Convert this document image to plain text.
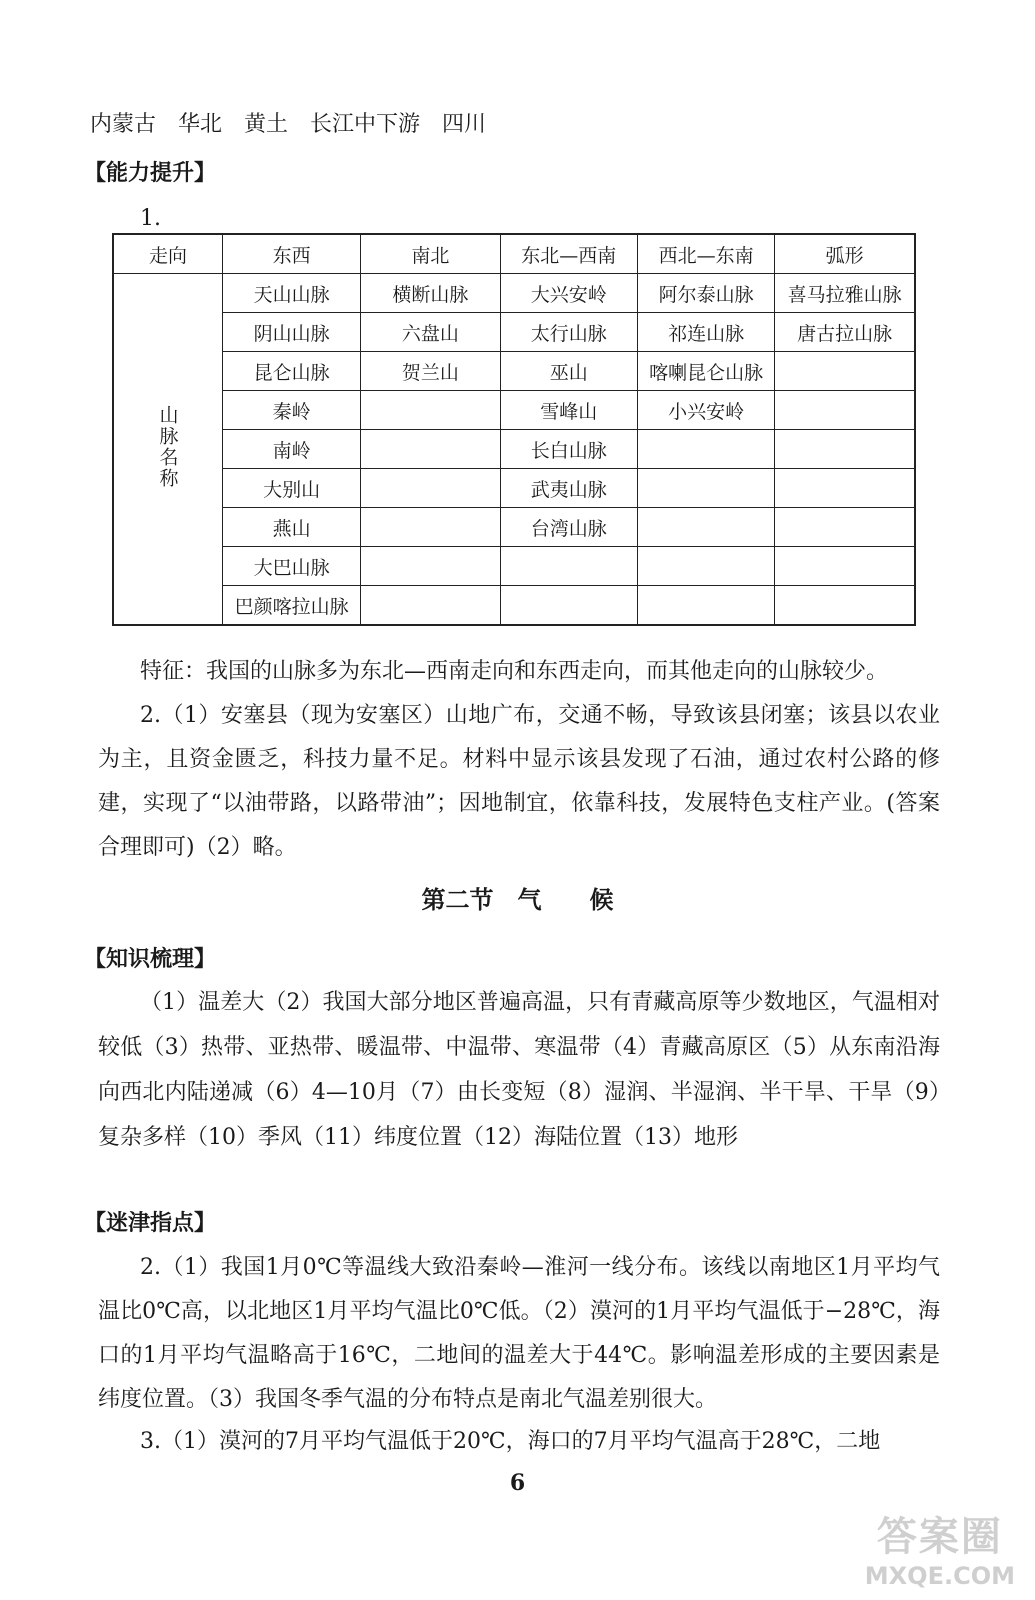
内蒙古　华北　黄土　长江中下游　四川
【能力提升】
1.
走向	东西	南北	东北—西南	西北—东南	弧形
山脉名称	天山山脉	横断山脉	大兴安岭	阿尔泰山脉	喜马拉雅山脉
	阴山山脉	六盘山	太行山脉	祁连山脉	唐古拉山脉
	昆仑山脉	贺兰山	巫山	喀喇昆仑山脉	
	秦岭		雪峰山	小兴安岭	
	南岭		长白山脉		
	大别山		武夷山脉		
	燕山		台湾山脉		
	大巴山脉				
	巴颜喀拉山脉				
特征：我国的山脉多为东北—西南走向和东西走向，而其他走向的山脉较少。
2.（1）安塞县（现为安塞区）山地广布，交通不畅，导致该县闭塞；该县以农业为主，且资金匮乏，科技力量不足。材料中显示该县发现了石油，通过农村公路的修建，实现了“以油带路，以路带油”；因地制宜，依靠科技，发展特色支柱产业。(答案合理即可)（2）略。
第二节　气　　候
【知识梳理】
（1）温差大（2）我国大部分地区普遍高温，只有青藏高原等少数地区，气温相对较低（3）热带、亚热带、暖温带、中温带、寒温带（4）青藏高原区（5）从东南沿海向西北内陆递减（6）4—10月（7）由长变短（8）湿润、半湿润、半干旱、干旱（9）复杂多样（10）季风（11）纬度位置（12）海陆位置（13）地形
【迷津指点】
2.（1）我国1月0℃等温线大致沿秦岭—淮河一线分布。该线以南地区1月平均气温比0℃高，以北地区1月平均气温比0℃低。（2）漠河的1月平均气温低于−28℃，海口的1月平均气温略高于16℃，二地间的温差大于44℃。影响温差形成的主要因素是纬度位置。（3）我国冬季气温的分布特点是南北气温差别很大。
3.（1）漠河的7月平均气温低于20℃，海口的7月平均气温高于28℃，二地
6
答案圈
MXQE.COM
